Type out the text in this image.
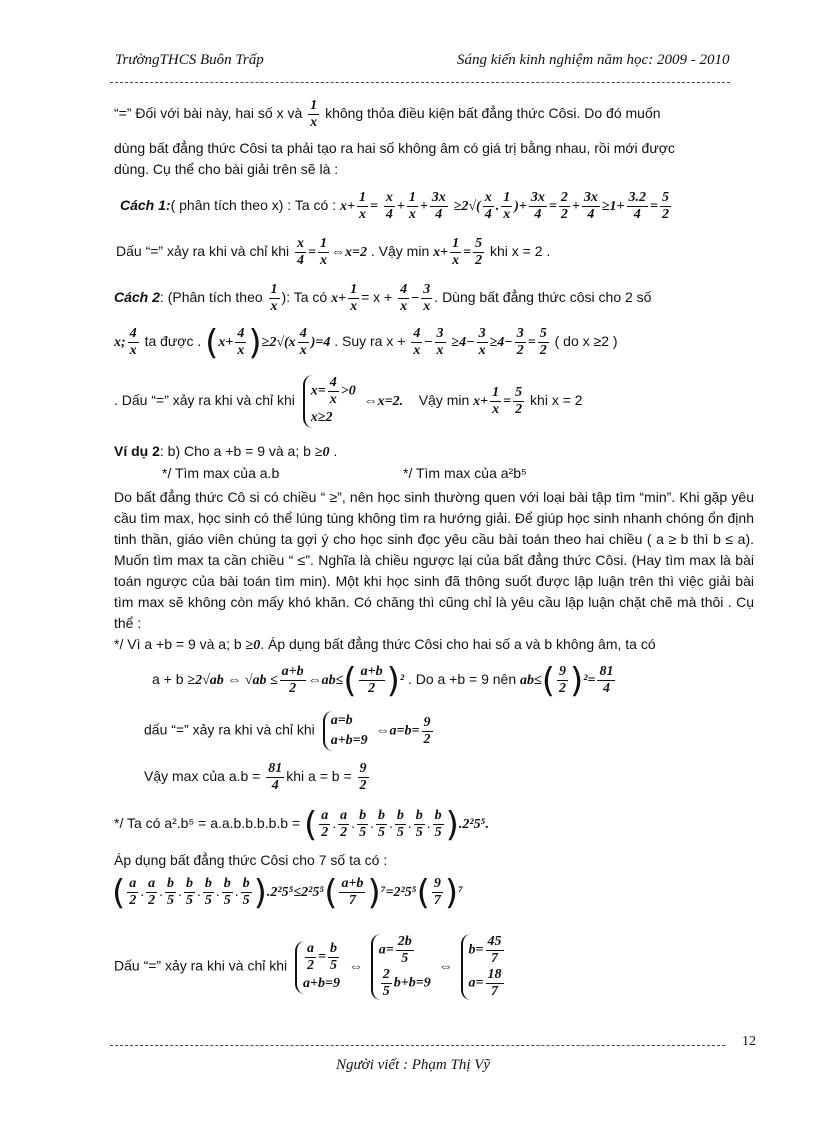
TrườngTHCS Buôn Trấp	Sáng kiến kinh nghiệm năm học: 2009 - 2010
“=” Đối với bài này, hai số x và $\frac{1}{x}$ không thỏa điều kiện bất đẳng thức Côsi. Do đó muốn
dùng bất đẳng thức Côsi ta phải tạo ra hai số không âm có giá trị bằng nhau, rồi mới được
dùng. Cụ thể cho bài giải trên sẽ là :
Cách 1:( phân tích theo x) : Ta có : $x+ \frac{1}{x} = \frac{x}{4} + \frac{1}{x} + \frac{3x}{4} \ge 2√( \frac{x}{4}$ . $\frac{1}{x}$ )+ $\frac{3x}{4} = \frac{2}{2} + \frac{3x}{4} \ge 1+ \frac{3.2}{4} = \frac{5}{2}$
Dấu “=” xảy ra khi và chỉ khi $\frac{x}{4} = \frac{1}{x}$ ⇔x=2 . Vậy $\min x+ \frac{1}{x} = \frac{5}{2}$ khi x = 2 .
Cách 2: (Phân tích theo $\frac{1}{x}$ ): Ta có $x+ \frac{1}{x} = x + \frac{4}{x} - \frac{3}{x}$ . Dùng bất đẳng thức côsi cho 2 số
x; $\frac{4}{x}$ ta được . $(x+ \frac{4}{x} )\ge 2√(x \frac{4}{x} )=4$ . Suy ra $x + \frac{4}{x} - \frac{3}{x} \ge 4- \frac{3}{x} \ge 4- \frac{3}{2} = \frac{5}{2}$ ( do x ≥2 )
. Dấu “=” xảy ra khi và chỉ khi
$x= \frac{4}{x} >0$
x≥2
⇔x=2. Vậy $\min x+ \frac{1}{x} = \frac{5}{2}$ khi x = 2
Ví dụ 2: b) Cho a +b = 9 và a; b ≥0 .
*/ Tìm max của a.b	*/ Tìm max của a²b⁵
Do bất đẳng thức Cô si có chiều “ ≥”, nên học sinh thường quen với loại bài tập tìm “min”. Khi gặp yêu cầu tìm max, học sinh có thể lúng túng không tìm ra hướng giải. Để giúp học sinh nhanh chóng ổn định tinh thần, giáo viên chúng ta gợi ý cho học sinh đọc yêu cầu bài toán theo hai chiều ( a ≥ b thì b ≤ a). Muốn tìm max ta cần chiều “ ≤”. Nghĩa là chiều ngược lại của bất đẳng thức Côsi. (Hay tìm max là bài toán ngược của bài toán tìm min). Một khi học sinh đã thông suốt được lập luận trên thì việc giải bài tìm max sẽ không còn mấy khó khăn. Có chăng thì cũng chỉ là yêu cầu lập luận chặt chẽ mà thôi . Cụ thể :
*/ Vì a +b = 9 và a; b ≥0. Áp dụng bất đẳng thức Côsi cho hai số a và b không âm, ta có
a + b ≥2√ab ⇔ $√ab \le \frac{a+b}{2}$ ⇔ab≤( $\frac{a+b}{2} )^2$ . Do a +b = 9 nên $ab\le( \frac{9}{2} )^2= \frac{81}{4}$
dấu “=” xảy ra khi và chỉ khi
a=b
a+b=9
⇔a=b= $\frac{9}{2}$
Vậy max của $a.b = \frac{81}{4}$ khi $a = b = \frac{9}{2}$
*/ Ta có a².b⁵ = a.a.b.b.b.b.b = ( $\frac{a}{2}$ . $\frac{a}{2}$ . $\frac{b}{5}$ . $\frac{b}{5}$ . $\frac{b}{5}$ . $\frac{b}{5}$ . $\frac{b}{5} ).2^25^5$.
Áp dụng bất đẳng thức Côsi cho 7 số ta có :
( $\frac{a}{2}$ . $\frac{a}{2}$ . $\frac{b}{5}$ . $\frac{b}{5}$ . $\frac{b}{5}$ . $\frac{b}{5}$ . $\frac{b}{5} ).2^25^5\le 2^25^5( \frac{a+b}{7} )^7=2^25^5( \frac{9}{7} )^7$
Dấu “=” xảy ra khi và chỉ khi $\frac{a}{2} = \frac{b}{5}$
a+b=9
⇔
$a= \frac{2b}{5}$
$\frac{2}{5} b+b=9$
⇔
$b= \frac{45}{7}$
$a= \frac{18}{7}$
12
Người viết : Phạm Thị Vỹ
